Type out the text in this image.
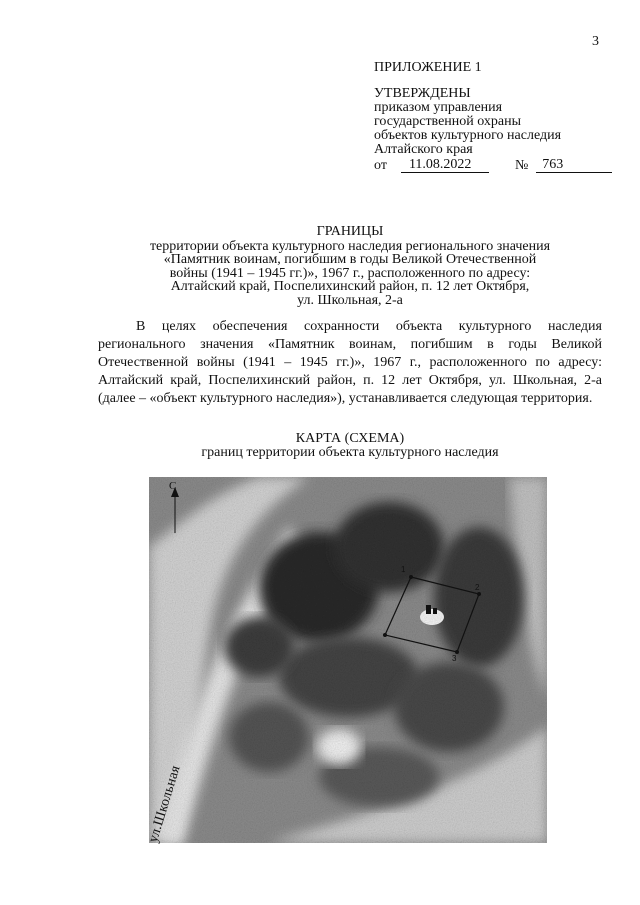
3
ПРИЛОЖЕНИЕ 1
УТВЕРЖДЕНЫ
приказом управления
государственной охраны
объектов культурного наследия
Алтайского края
от	11.08.2022	№	763
ГРАНИЦЫ
территории объекта культурного наследия регионального значения
«Памятник воинам, погибшим в годы Великой Отечественной
войны (1941 – 1945 гг.)», 1967 г., расположенного по адресу:
Алтайский край, Поспелихинский район, п. 12 лет Октября,
ул. Школьная, 2-а
В целях обеспечения сохранности объекта культурного наследия регионального значения «Памятник воинам, погибшим в годы Великой Отечественной войны (1941 – 1945 гг.)», 1967 г., расположенного по адресу: Алтайский край, Поспелихинский район, п. 12 лет Октября, ул. Школьная, 2-а (далее – «объект культурного наследия»), устанавливается следующая территория.
КАРТА (СХЕМА)
границ территории объекта культурного наследия
С
1
2
3
ул.Школьная
